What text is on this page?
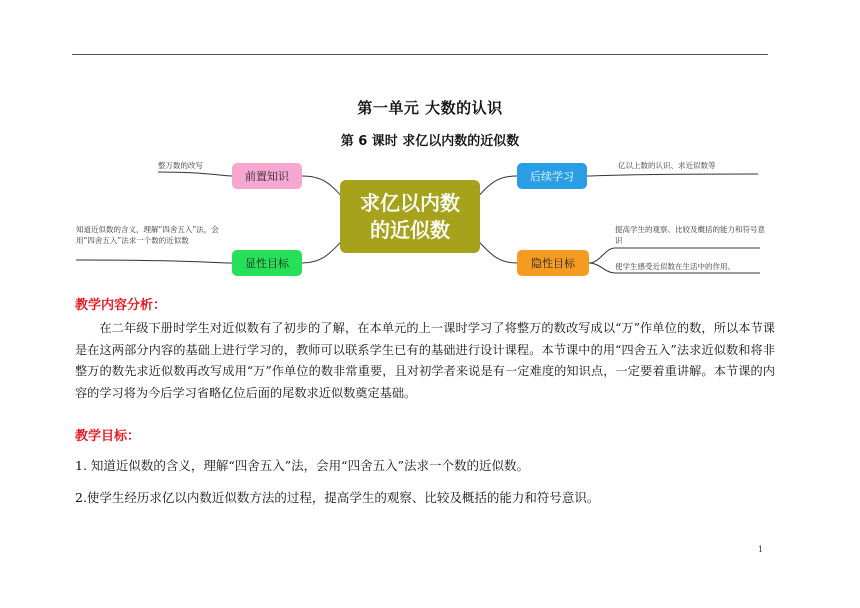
第一单元 大数的认识
第 6 课时 求亿以内数的近似数
求亿以内数
的近似数
前置知识	后续学习
显性目标	隐性目标
整万数的改写
知道近似数的含义，理解“四舍五入”法，会用“四舍五入”法求一个数的近似数
亿以上数的认识、求近似数等
提高学生的观察、比较及概括的能力和符号意识
使学生感受近似数在生活中的作用。
教学内容分析：
在二年级下册时学生对近似数有了初步的了解，在本单元的上一课时学习了将整万的数改写成以“万”作单位的数，所以本节课是在这两部分内容的基础上进行学习的，教师可以联系学生已有的基础进行设计课程。本节课中的用“四舍五入”法求近似数和将非整万的数先求近似数再改写成用“万”作单位的数非常重要，且对初学者来说是有一定难度的知识点，一定要着重讲解。本节课的内容的学习将为今后学习省略亿位后面的尾数求近似数奠定基础。
教学目标：
1. 知道近似数的含义，理解“四舍五入”法，会用“四舍五入”法求一个数的近似数。
2.使学生经历求亿以内数近似数方法的过程，提高学生的观察、比较及概括的能力和符号意识。
1
